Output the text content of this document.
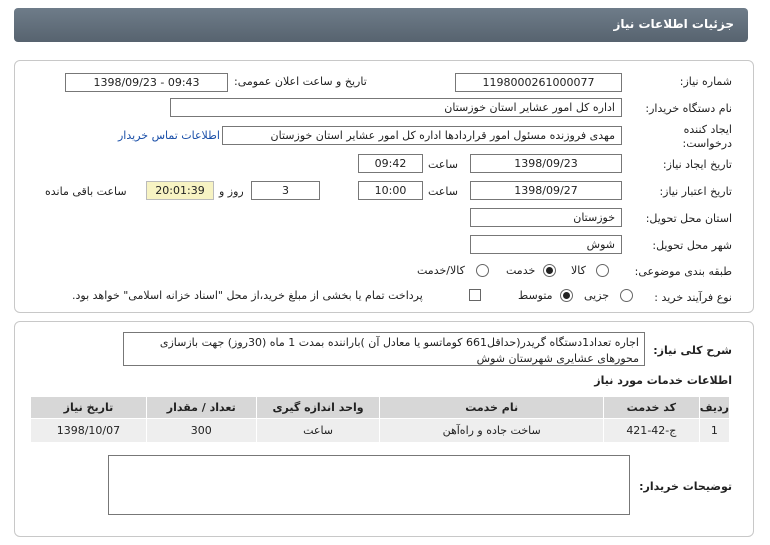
جزئیات اطلاعات نیاز
شماره نیاز:
1198000261000077
تاریخ و ساعت اعلان عمومی:
1398/09/23 - 09:43
نام دستگاه خریدار:
اداره کل امور عشایر استان خوزستان
ایجاد کننده درخواست:
مهدی فروزنده مسئول امور قراردادها اداره کل امور عشایر استان خوزستان
اطلاعات تماس خریدار
تاریخ ایجاد نیاز:
1398/09/23
ساعت
09:42
تاریخ اعتبار نیاز:
1398/09/27
ساعت
10:00
3
روز و
20:01:39
ساعت باقی مانده
استان محل تحویل:
خوزستان
شهر محل تحویل:
شوش
طبقه بندی موضوعی:
کالا
خدمت
کالا/خدمت
نوع فرآیند خرید :
جزیی
متوسط
پرداخت تمام یا بخشی از مبلغ خرید،از محل "اسناد خزانه اسلامی" خواهد بود.
شرح کلی نیاز:
اجاره تعداد1دستگاه گریدر(حداقل661 کوماتسو یا معادل آن )باراننده بمدت 1 ماه (30روز) جهت بازسازی محورهای عشایری شهرستان شوش
اطلاعات خدمات مورد نیاز
ردیف	کد خدمت	نام خدمت	واحد اندازه گیری	تعداد / مقدار	تاریخ نیاز
1	ج-42-421	ساخت جاده و راه‌آهن	ساعت	300	1398/10/07
توضیحات خریدار:
